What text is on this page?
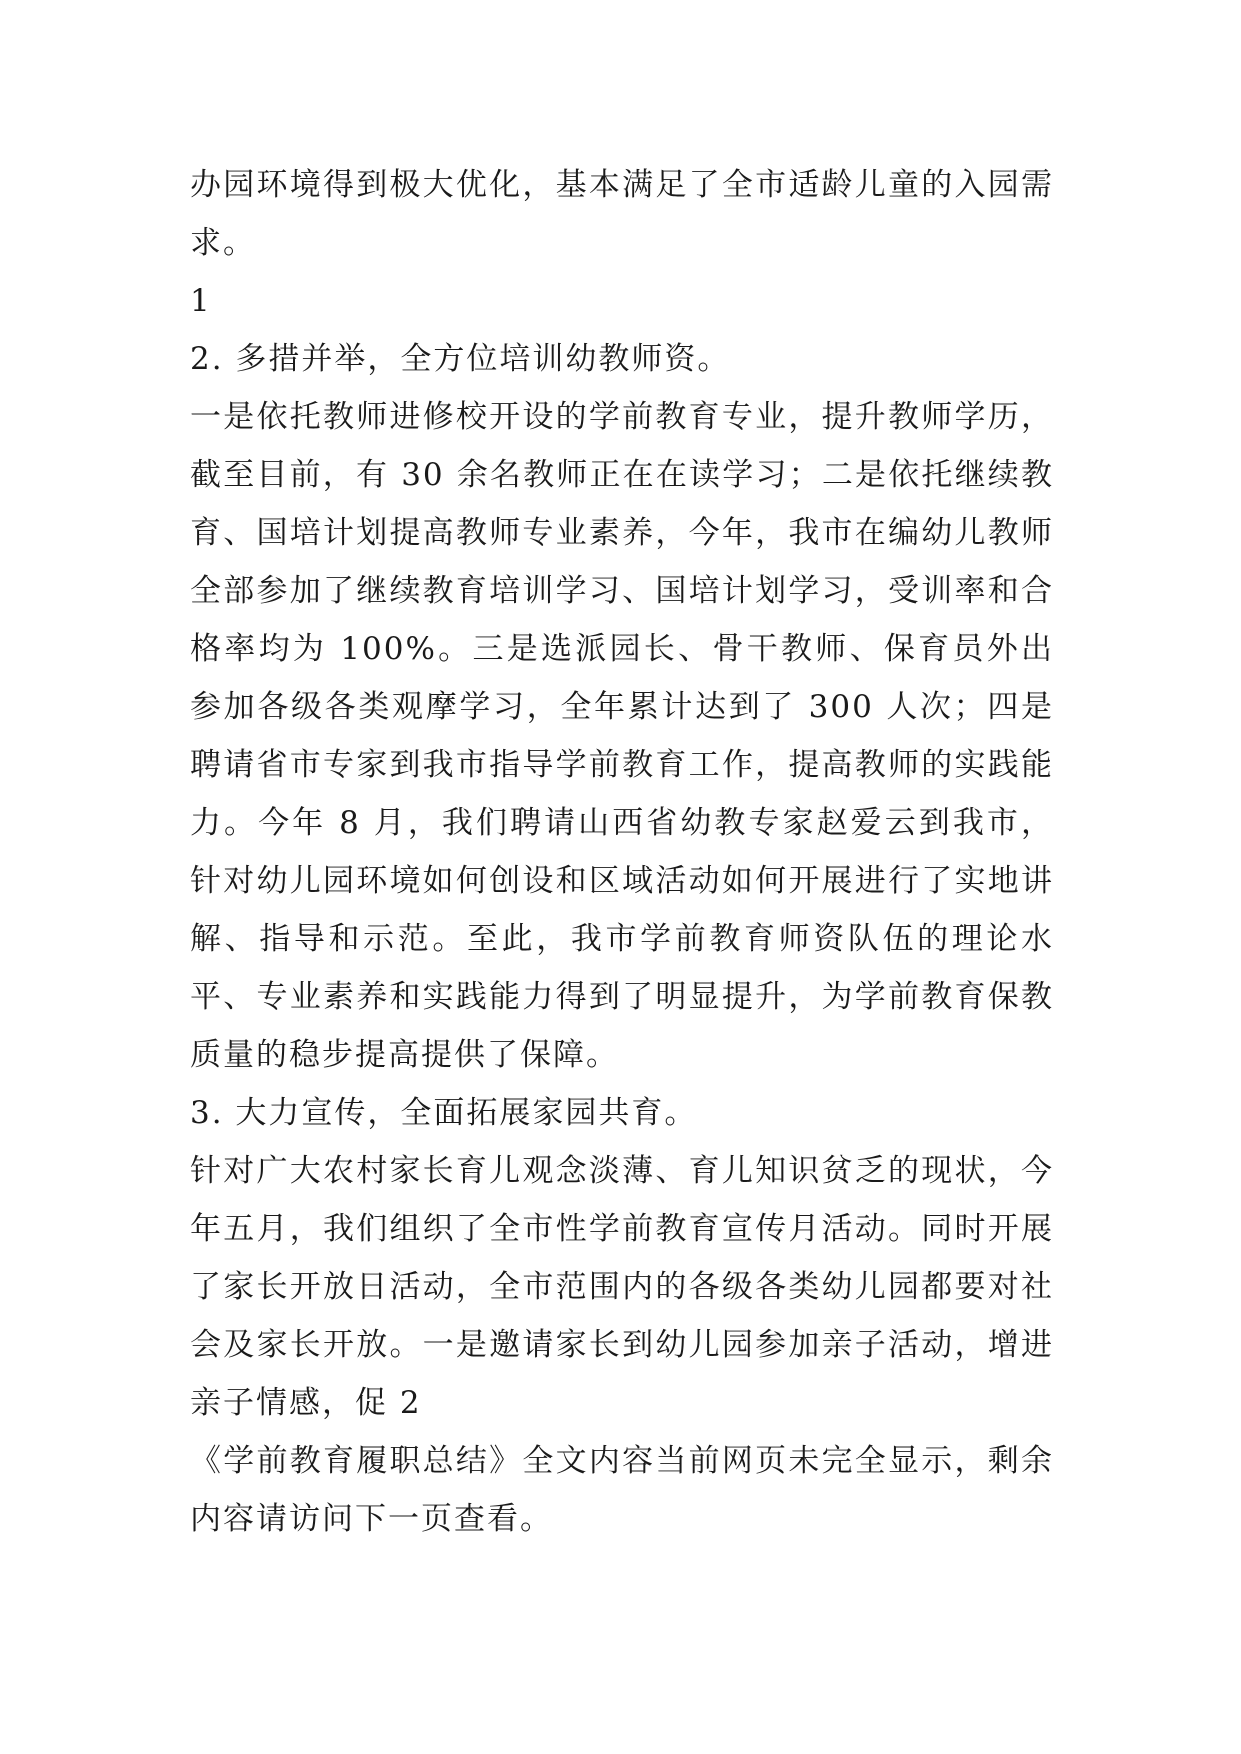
办园环境得到极大优化，基本满足了全市适龄儿童的入园需求。

1

2. 多措并举，全方位培训幼教师资。

一是依托教师进修校开设的学前教育专业，提升教师学历，截至目前，有 30 余名教师正在在读学习；二是依托继续教育、国培计划提高教师专业素养，今年，我市在编幼儿教师全部参加了继续教育培训学习、国培计划学习，受训率和合格率均为 100%。三是选派园长、骨干教师、保育员外出参加各级各类观摩学习，全年累计达到了 300 人次；四是聘请省市专家到我市指导学前教育工作，提高教师的实践能力。今年 8 月，我们聘请山西省幼教专家赵爱云到我市，针对幼儿园环境如何创设和区域活动如何开展进行了实地讲解、指导和示范。至此，我市学前教育师资队伍的理论水平、专业素养和实践能力得到了明显提升，为学前教育保教质量的稳步提高提供了保障。

3. 大力宣传，全面拓展家园共育。

针对广大农村家长育儿观念淡薄、育儿知识贫乏的现状，今年五月，我们组织了全市性学前教育宣传月活动。同时开展了家长开放日活动，全市范围内的各级各类幼儿园都要对社会及家长开放。一是邀请家长到幼儿园参加亲子活动，增进亲子情感，促 2

《学前教育履职总结》全文内容当前网页未完全显示，剩余内容请访问下一页查看。
